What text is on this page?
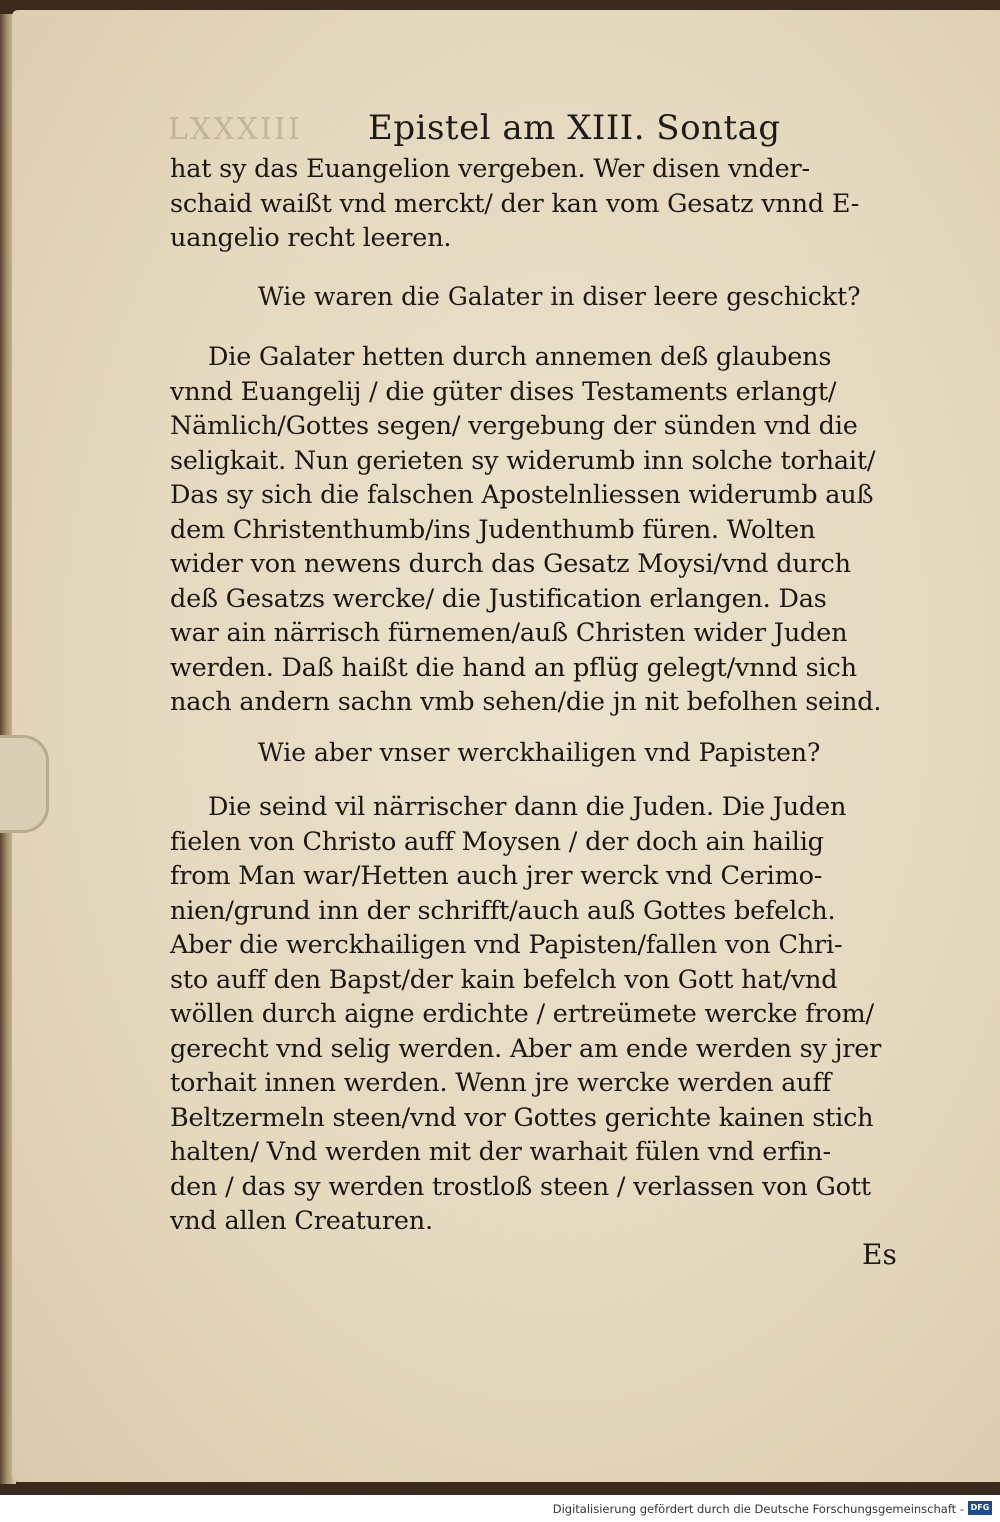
LXXXIII Epistel am XIII. Sontag
hat sy das Euangelion vergeben. Wer disen vnder-
schaid waißt vnd merckt/ der kan vom Gesatz vnnd E-
uangelio recht leeren.
Wie waren die Galater in diser leere geschickt?
Die Galater hetten durch annemen deß glaubens
vnnd Euangelij / die güter dises Testaments erlangt/
Nämlich/Gottes segen/ vergebung der sünden vnd die
seligkait. Nun gerieten sy widerumb inn solche torhait/
Das sy sich die falschen Apostelnliessen widerumb auß
dem Christenthumb/ins Judenthumb füren. Wolten
wider von newens durch das Gesatz Moysi/vnd durch
deß Gesatzs wercke/ die Justification erlangen. Das
war ain närrisch fürnemen/auß Christen wider Juden
werden. Daß haißt die hand an pflüg gelegt/vnnd sich
nach andern sachn vmb sehen/die jn nit befolhen seind.
Wie aber vnser werckhailigen vnd Papisten?
Die seind vil närrischer dann die Juden. Die Juden
fielen von Christo auff Moysen / der doch ain hailig
from Man war/Hetten auch jrer werck vnd Cerimo-
nien/grund inn der schrifft/auch auß Gottes befelch.
Aber die werckhailigen vnd Papisten/fallen von Chri-
sto auff den Bapst/der kain befelch von Gott hat/vnd
wöllen durch aigne erdichte / ertreümete wercke from/
gerecht vnd selig werden. Aber am ende werden sy jrer
torhait innen werden. Wenn jre wercke werden auff
Beltzermeln steen/vnd vor Gottes gerichte kainen stich
halten/ Vnd werden mit der warhait fülen vnd erfin-
den / das sy werden trostloß steen / verlassen von Gott
vnd allen Creaturen.
Es
Digitalisierung gefördert durch die Deutsche Forschungsgemeinschaft - DFG
